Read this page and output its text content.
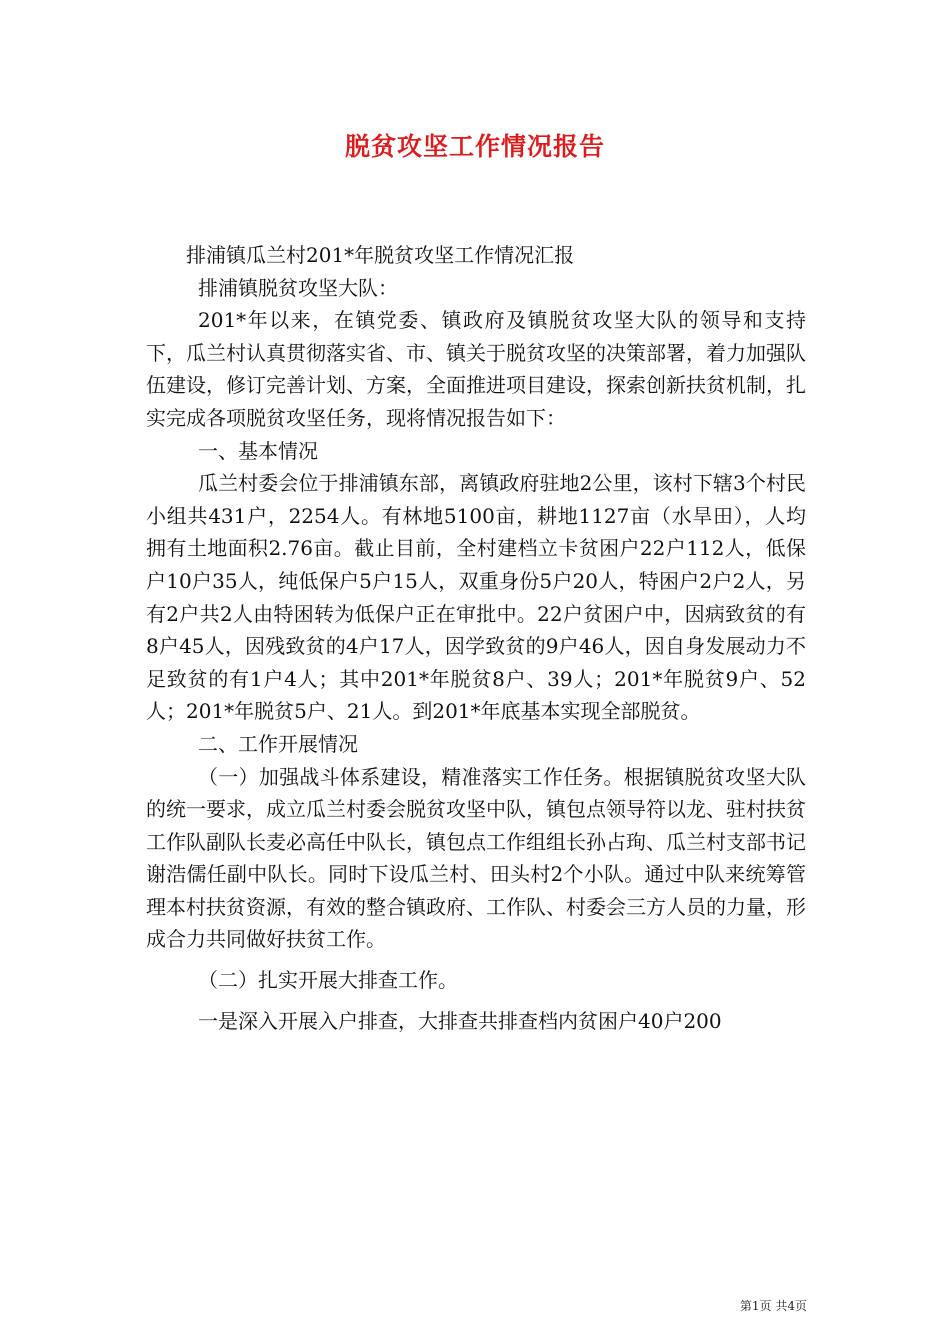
脱贫攻坚工作情况报告

排浦镇瓜兰村201*年脱贫攻坚工作情况汇报

排浦镇脱贫攻坚大队：

201*年以来，在镇党委、镇政府及镇脱贫攻坚大队的领导和支持下，瓜兰村认真贯彻落实省、市、镇关于脱贫攻坚的决策部署，着力加强队伍建设，修订完善计划、方案，全面推进项目建设，探索创新扶贫机制，扎实完成各项脱贫攻坚任务，现将情况报告如下：

一、基本情况

瓜兰村委会位于排浦镇东部，离镇政府驻地2公里，该村下辖3个村民小组共431户，2254人。有林地5100亩，耕地1127亩（水旱田），人均拥有土地面积2.76亩。截止目前，全村建档立卡贫困户22户112人，低保户10户35人，纯低保户5户15人，双重身份5户20人，特困户2户2人，另有2户共2人由特困转为低保户正在审批中。22户贫困户中，因病致贫的有8户45人，因残致贫的4户17人，因学致贫的9户46人，因自身发展动力不足致贫的有1户4人；其中201*年脱贫8户、39人；201*年脱贫9户、52人；201*年脱贫5户、21人。到201*年底基本实现全部脱贫。

二、工作开展情况

（一）加强战斗体系建设，精准落实工作任务。根据镇脱贫攻坚大队的统一要求，成立瓜兰村委会脱贫攻坚中队，镇包点领导符以龙、驻村扶贫工作队副队长麦必高任中队长，镇包点工作组组长孙占珣、瓜兰村支部书记谢浩儒任副中队长。同时下设瓜兰村、田头村2个小队。通过中队来统筹管理本村扶贫资源，有效的整合镇政府、工作队、村委会三方人员的力量，形成合力共同做好扶贫工作。

（二）扎实开展大排查工作。

一是深入开展入户排查，大排查共排查档内贫困户40户200

第1页 共4页
